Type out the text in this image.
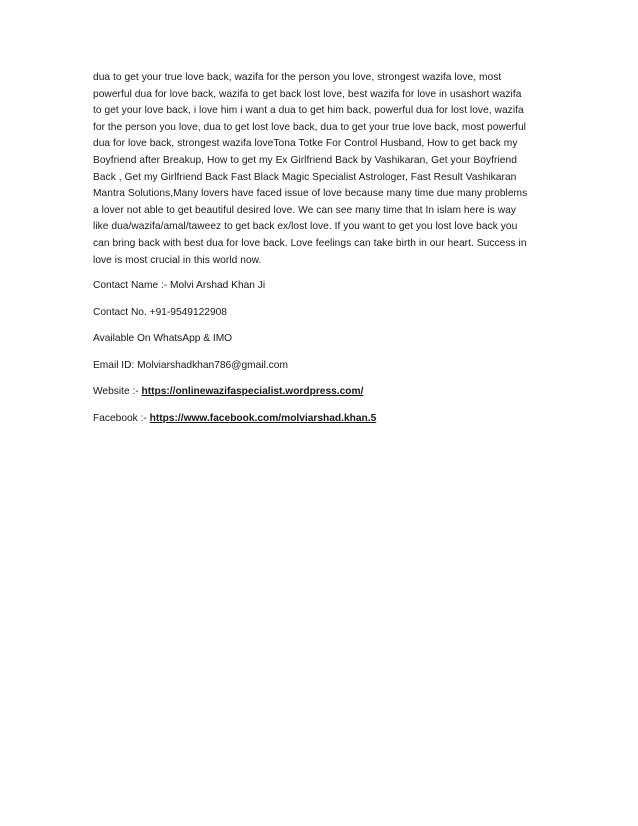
dua to get your true love back, wazifa for the person you love, strongest wazifa love, most
powerful dua for love back, wazifa to get back lost love, best wazifa for love in usashort wazifa
to get your love back, i love him i want a dua to get him back, powerful dua for lost love, wazifa
for the person you love, dua to get lost love back, dua to get your true love back, most powerful
dua for love back, strongest wazifa loveTona Totke For Control Husband, How to get back my
Boyfriend after Breakup, How to get my Ex Girlfriend Back by Vashikaran, Get your Boyfriend
Back , Get my Girlfriend Back Fast Black Magic Specialist Astrologer, Fast Result Vashikaran
Mantra Solutions,Many lovers have faced issue of love because many time due many problems
a lover not able to get beautiful desired love. We can see many time that In islam here is way
like dua/wazifa/amal/taweez to get back ex/lost love. If you want to get you lost love back you
can bring back with best dua for love back. Love feelings can take birth in our heart. Success in
love is most crucial in this world now.

Contact Name :- Molvi Arshad Khan Ji

Contact No. +91-9549122908

Available On WhatsApp & IMO

Email ID: Molviarshadkhan786@gmail.com

Website :- https://onlinewazifaspecialist.wordpress.com/

Facebook :- https://www.facebook.com/molviarshad.khan.5
